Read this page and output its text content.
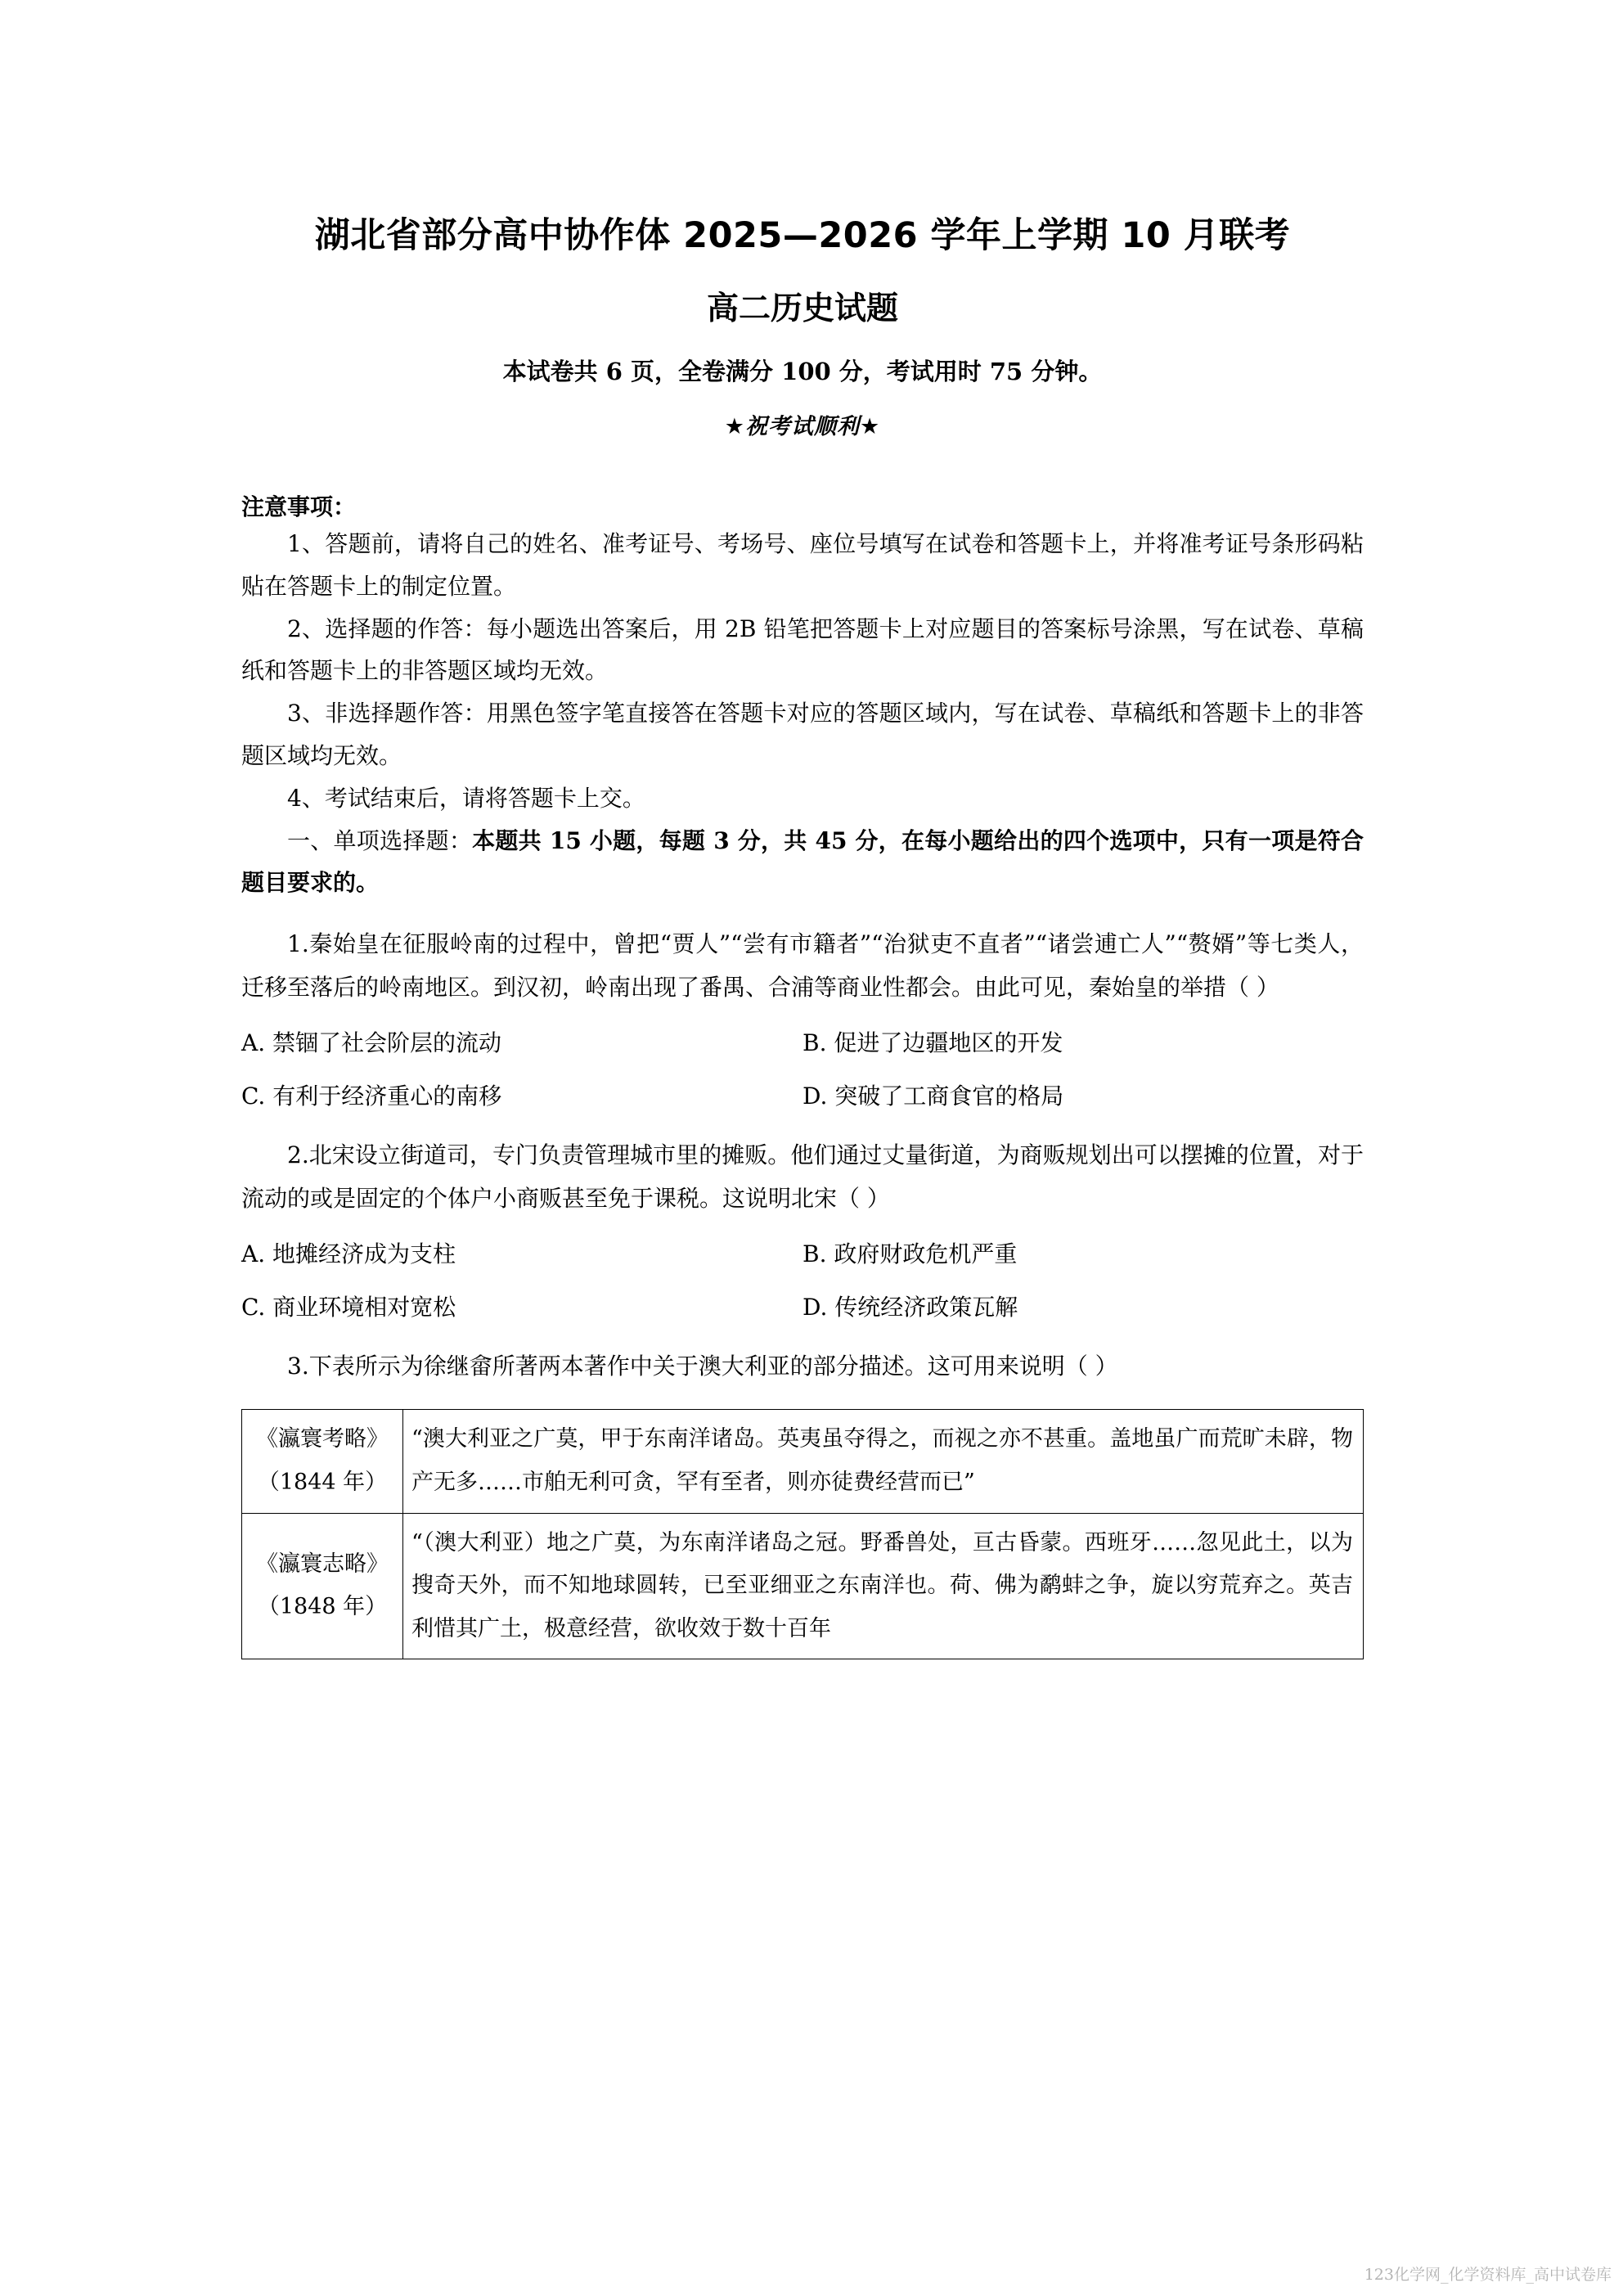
湖北省部分高中协作体 2025—2026 学年上学期 10 月联考
高二历史试题

本试卷共 6 页，全卷满分 100 分，考试用时 75 分钟。

★祝考试顺利★

注意事项：

1、答题前，请将自己的姓名、准考证号、考场号、座位号填写在试卷和答题卡上，并将准考证号条形码粘贴在答题卡上的制定位置。

2、选择题的作答：每小题选出答案后，用 2B 铅笔把答题卡上对应题目的答案标号涂黑，写在试卷、草稿纸和答题卡上的非答题区域均无效。

3、非选择题作答：用黑色签字笔直接答在答题卡对应的答题区域内，写在试卷、草稿纸和答题卡上的非答题区域均无效。

4、考试结束后，请将答题卡上交。

一、单项选择题：本题共 15 小题，每题 3 分，共 45 分，在每小题给出的四个选项中，只有一项是符合题目要求的。

1.秦始皇在征服岭南的过程中，曾把“贾人”“尝有市籍者”“治狱吏不直者”“诸尝逋亡人”“赘婿”等七类人，迁移至落后的岭南地区。到汉初，岭南出现了番禺、合浦等商业性都会。由此可见，秦始皇的举措（ ）

A. 禁锢了社会阶层的流动	B. 促进了边疆地区的开发
C. 有利于经济重心的南移	D. 突破了工商食官的格局

2.北宋设立街道司，专门负责管理城市里的摊贩。他们通过丈量街道，为商贩规划出可以摆摊的位置，对于流动的或是固定的个体户小商贩甚至免于课税。这说明北宋（ ）

A. 地摊经济成为支柱	B. 政府财政危机严重
C. 商业环境相对宽松	D. 传统经济政策瓦解

3.下表所示为徐继畲所著两本著作中关于澳大利亚的部分描述。这可用来说明（ ）

《瀛寰考略》（1844 年）	“澳大利亚之广莫，甲于东南洋诸岛。英夷虽夺得之，而视之亦不甚重。盖地虽广而荒旷未辟，物产无多……市舶无利可贪，罕有至者，则亦徒费经营而已”
《瀛寰志略》（1848 年）	“（澳大利亚）地之广莫，为东南洋诸岛之冠。野番兽处，亘古昏蒙。西班牙……忽见此土，以为搜奇天外，而不知地球圆转，已至亚细亚之东南洋也。荷、佛为鹬蚌之争，旋以穷荒弃之。英吉利惜其广土，极意经营，欲收效于数十百年
123化学网_化学资料库_高中试卷库
